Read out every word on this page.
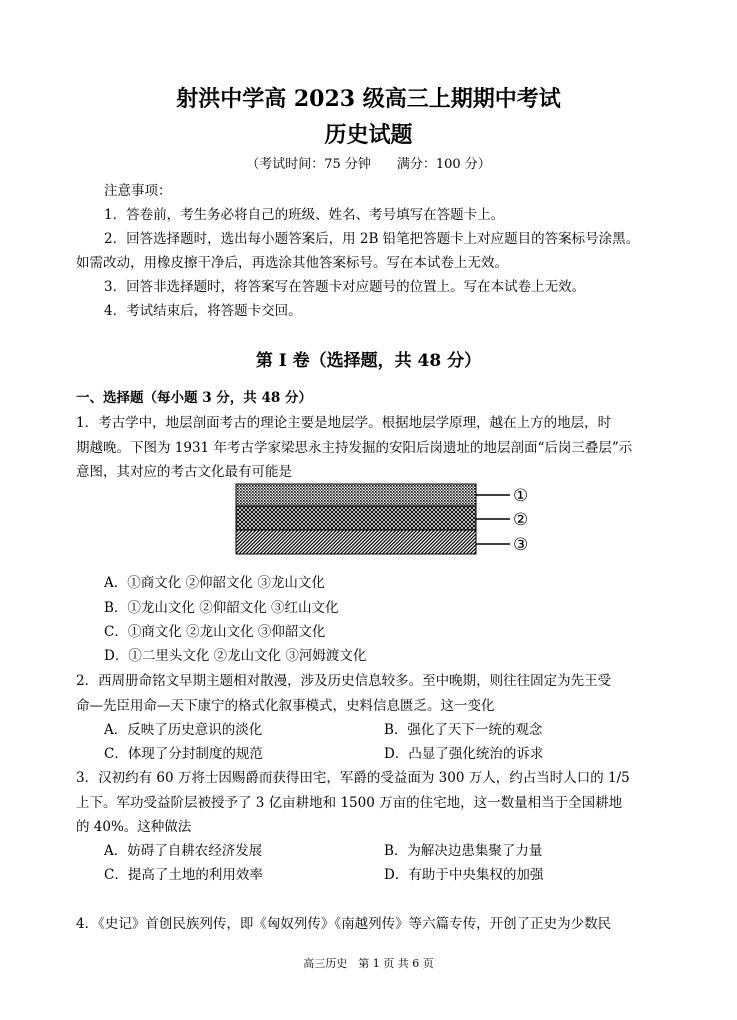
射洪中学高 2023 级高三上期期中考试
历史试题
（考试时间：75 分钟　　满分：100 分）
注意事项：
1．答卷前，考生务必将自己的班级、姓名、考号填写在答题卡上。
2．回答选择题时，选出每小题答案后，用 2B 铅笔把答题卡上对应题目的答案标号涂黑。
如需改动，用橡皮擦干净后，再选涂其他答案标号。写在本试卷上无效。
3．回答非选择题时，将答案写在答题卡对应题号的位置上。写在本试卷上无效。
4．考试结束后，将答题卡交回。
第 I 卷（选择题，共 48 分）
一、选择题（每小题 3 分，共 48 分）
1．考古学中，地层剖面考古的理论主要是地层学。根据地层学原理，越在上方的地层，时
期越晚。下图为 1931 年考古学家梁思永主持发掘的安阳后岗遗址的地层剖面“后岗三叠层”示
意图，其对应的考古文化最有可能是
①
②
③
A．①商文化 ②仰韶文化 ③龙山文化
B．①龙山文化 ②仰韶文化 ③红山文化
C．①商文化 ②龙山文化 ③仰韶文化
D．①二里头文化 ②龙山文化 ③河姆渡文化
2．西周册命铭文早期主题相对散漫，涉及历史信息较多。至中晚期，则往往固定为先王受
命—先臣用命—天下康宁的格式化叙事模式，史料信息匮乏。这一变化
A．反映了历史意识的淡化	B．强化了天下一统的观念
C．体现了分封制度的规范	D．凸显了强化统治的诉求
3．汉初约有 60 万将士因赐爵而获得田宅，军爵的受益面为 300 万人，约占当时人口的 1/5
上下。军功受益阶层被授予了 3 亿亩耕地和 1500 万亩的住宅地，这一数量相当于全国耕地
的 40%。这种做法
A．妨碍了自耕农经济发展	B．为解决边患集聚了力量
C．提高了土地的利用效率	D．有助于中央集权的加强
4．《史记》首创民族列传，即《匈奴列传》《南越列传》等六篇专传，开创了正史为少数民
高三历史　第 1 页 共 6 页
